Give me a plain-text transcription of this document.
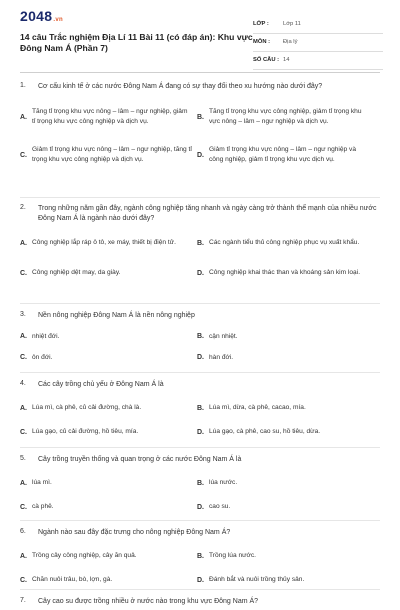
2048.vn
14 câu Trắc nghiệm Địa Lí 11 Bài 11 (có đáp án): Khu vực Đông Nam Á (Phần 7)
LỚP : Lớp 11
MÔN : Địa lý
SỐ CÂU : 14
1. Cơ cấu kinh tế ở các nước Đông Nam Á đang có sự thay đổi theo xu hướng nào dưới đây?
A.
Tăng tỉ trọng khu vực nông – lâm – ngư nghiệp, giảm tỉ trọng khu vực công nghiệp và dịch vụ.
B.
Tăng tỉ trọng khu vực công nghiệp, giảm tỉ trọng khu vực nông – lâm – ngư nghiệp và dịch vụ.
C.
Giảm tỉ trọng khu vực nông – lâm – ngư nghiệp, tăng tỉ trọng khu vực công nghiệp và dịch vụ.
D.
Giảm tỉ trọng khu vực nông – lâm – ngư nghiệp và công nghiệp, giảm tỉ trọng khu vực dịch vụ.
2. Trong những năm gần đây, ngành công nghiệp tăng nhanh và ngày càng trở thành thế mạnh của nhiều nước Đông Nam Á là ngành nào dưới đây?
A. Công nghiệp lắp ráp ô tô, xe máy, thiết bị điện tử.	B. Các ngành tiểu thủ công nghiệp phục vụ xuất khẩu.
C. Công nghiệp dệt may, da giày.	D. Công nghiệp khai thác than và khoáng sản kim loại.
3. Nền nông nghiệp Đông Nam Á là nền nông nghiệp
A. nhiệt đới.	B. cận nhiệt.
C. ôn đới.	D. hàn đới.
4. Các cây trồng chủ yếu ở Đông Nam Á là
A. Lúa mì, cà phê, củ cải đường, chà là.	B. Lúa mì, dừa, cà phê, cacao, mía.
C. Lúa gạo, củ cải đường, hồ tiêu, mía.	D. Lúa gạo, cà phê, cao su, hồ tiêu, dừa.
5. Cây trồng truyền thống và quan trọng ở các nước Đông Nam Á là
A. lúa mì.	B. lúa nước.
C. cà phê.	D. cao su.
6. Ngành nào sau đây đặc trưng cho nông nghiệp Đông Nam Á?
A. Trồng cây công nghiệp, cây ăn quả.	B. Trồng lúa nước.
C. Chăn nuôi trâu, bò, lợn, gà.	D. Đánh bắt và nuôi trồng thủy sản.
7. Cây cao su được trồng nhiều ở nước nào trong khu vực Đông Nam Á?
